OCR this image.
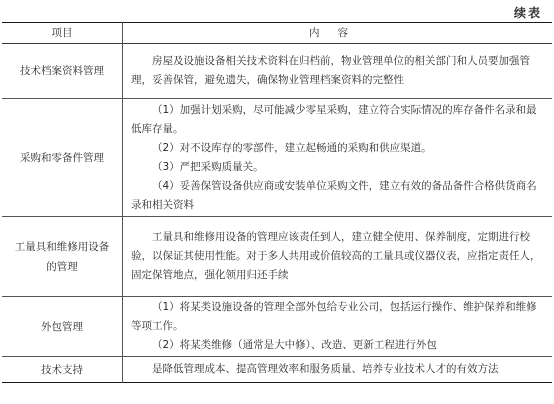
续表
项目	内容
技术档案资料管理	房屋及设施设备相关技术资料在归档前，物业管理单位的相关部门和人员要加强管理，妥善保管，避免遗失，确保物业管理档案资料的完整性

采购和零备件管理	（1）加强计划采购，尽可能减少零星采购，建立符合实际情况的库存备件名录和最低库存量。
（2）对不设库存的零部件，建立起畅通的采购和供应渠道。
（3）严把采购质量关。
（4）妥善保管设备供应商或安装单位采购文件，建立有效的备品备件合格供货商名录和相关资料

工量具和维修用设备的管理	工量具和维修用设备的管理应该责任到人，建立健全使用、保养制度，定期进行校验，以保证其使用性能。对于多人共用或价值较高的工量具或仪器仪表，应指定责任人，固定保管地点，强化领用归还手续

外包管理	（1）将某类设施设备的管理全部外包给专业公司，包括运行操作、维护保养和维修等项工作。
（2）将某类维修（通常是大中修）、改造、更新工程进行外包

技术支持	是降低管理成本、提高管理效率和服务质量、培养专业技术人才的有效方法
